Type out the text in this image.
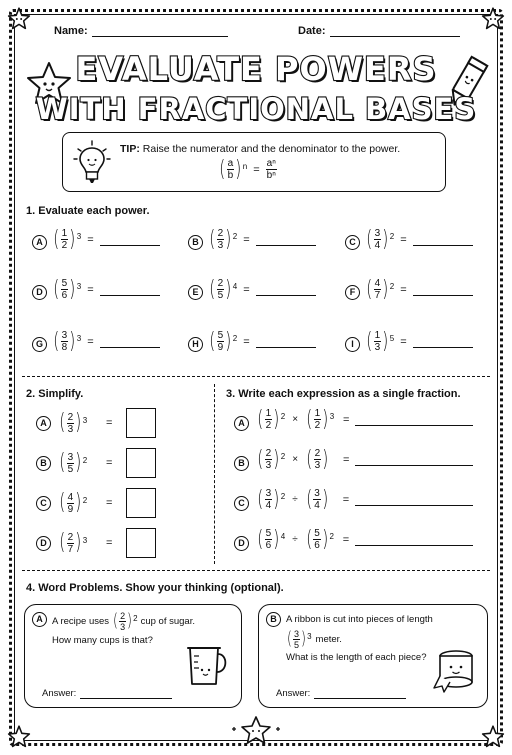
Name:	Date:
EVALUATE POWERS
WITH FRACTIONAL BASES
TIP: Raise the numerator and the denominator to the power.
( $\frac{a}{b}$ ) $n = \frac{\text{aⁿ}}{\text{bⁿ}}$
1. Evaluate each power.
A ( $\frac{1}{2}$ ) 3 =	B ( $\frac{2}{3}$ ) 2 =	C ( $\frac{3}{4}$ ) 2 =
D ( $\frac{5}{6}$ ) 3 =	E ( $\frac{2}{5}$ ) 4 =	F ( $\frac{4}{7}$ ) 2 =
G ( $\frac{3}{8}$ ) 3 =	H ( $\frac{5}{9}$ ) 2 =	I ( $\frac{1}{3}$ ) 5 =
2. Simplify.
A ( $\frac{2}{3}$ ) 3 =
B ( $\frac{3}{5}$ ) 2 =
C ( $\frac{4}{9}$ ) 2 =
D ( $\frac{2}{7}$ ) 3 =
3. Write each expression as a single fraction.
A ( $\frac{1}{2}$ ) 2 × ( $\frac{1}{2}$ ) 3 =
B ( $\frac{2}{3}$ ) 2 × ( $\frac{2}{3}$ ) =
C ( $\frac{3}{4}$ ) 2 ÷ ( $\frac{3}{4}$ ) =
D ( $\frac{5}{6}$ ) 4 ÷ ( $\frac{5}{6}$ ) 2 =
4. Word Problems. Show your thinking (optional).
A A recipe uses ( $\frac{2}{3}$ ) 2 cup of sugar.
How many cups is that?
Answer:
B A ribbon is cut into pieces of length
( $\frac{3}{5}$ ) 3 meter.
What is the length of each piece?
Answer:
